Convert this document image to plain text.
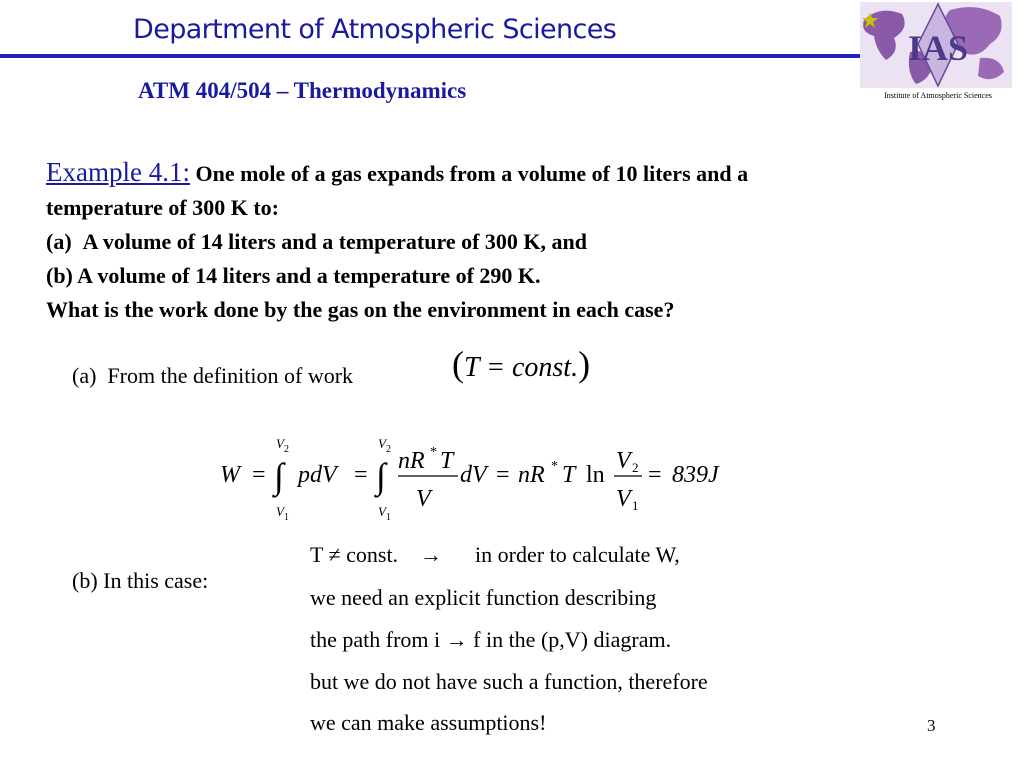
Department of Atmospheric Sciences
ATM 404/504 – Thermodynamics
IAS
Institute of Atmospheric Sciences
Example 4.1: One mole of a gas expands from a volume of 10 liters and a
temperature of 300 K to:
(a) A volume of 14 liters and a temperature of 300 K, and
(b) A volume of 14 liters and a temperature of 290 K.
What is the work done by the gas on the environment in each case?
(a) From the definition of work	(T = const.)
W = ∫
V 2
V 1
pdV = ∫
V 2
V 1
nR * T
V
dV = nR * T ln
V 2
V 1
= 839J
(b) In this case:
T ≠ const. →  in order to calculate W,
we need an explicit function describing
the path from i → f in the (p,V) diagram.
but we do not have such a function, therefore
we can make assumptions!	3
